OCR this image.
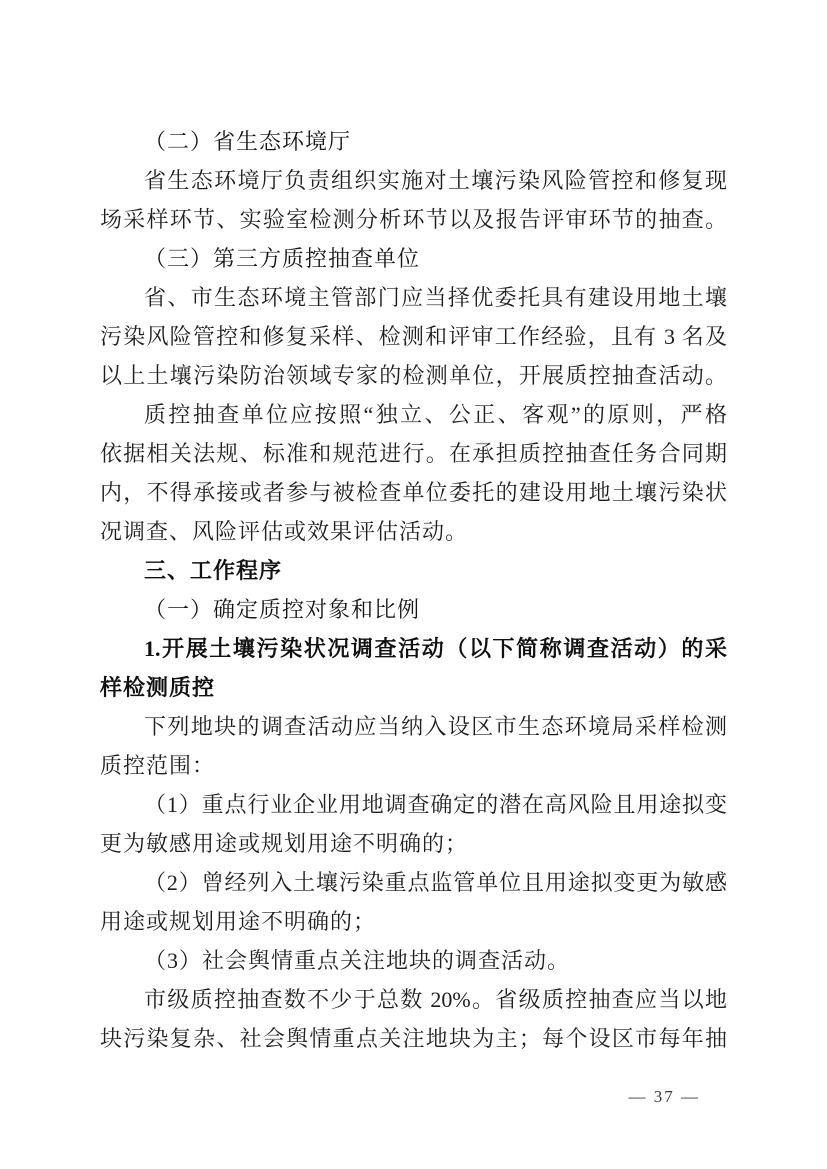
（二）省生态环境厅
省生态环境厅负责组织实施对土壤污染风险管控和修复现
场采样环节、实验室检测分析环节以及报告评审环节的抽查。
（三）第三方质控抽查单位
省、市生态环境主管部门应当择优委托具有建设用地土壤
污染风险管控和修复采样、检测和评审工作经验，且有 3 名及
以上土壤污染防治领域专家的检测单位，开展质控抽查活动。
质控抽查单位应按照“独立、公正、客观”的原则，严格
依据相关法规、标准和规范进行。在承担质控抽查任务合同期
内，不得承接或者参与被检查单位委托的建设用地土壤污染状
况调查、风险评估或效果评估活动。
三、工作程序
（一）确定质控对象和比例
1.开展土壤污染状况调查活动（以下简称调查活动）的采
样检测质控
下列地块的调查活动应当纳入设区市生态环境局采样检测
质控范围：
（1）重点行业企业用地调查确定的潜在高风险且用途拟变
更为敏感用途或规划用途不明确的；
（2）曾经列入土壤污染重点监管单位且用途拟变更为敏感
用途或规划用途不明确的；
（3）社会舆情重点关注地块的调查活动。
市级质控抽查数不少于总数 20%。省级质控抽查应当以地
块污染复杂、社会舆情重点关注地块为主；每个设区市每年抽
— 37 —
